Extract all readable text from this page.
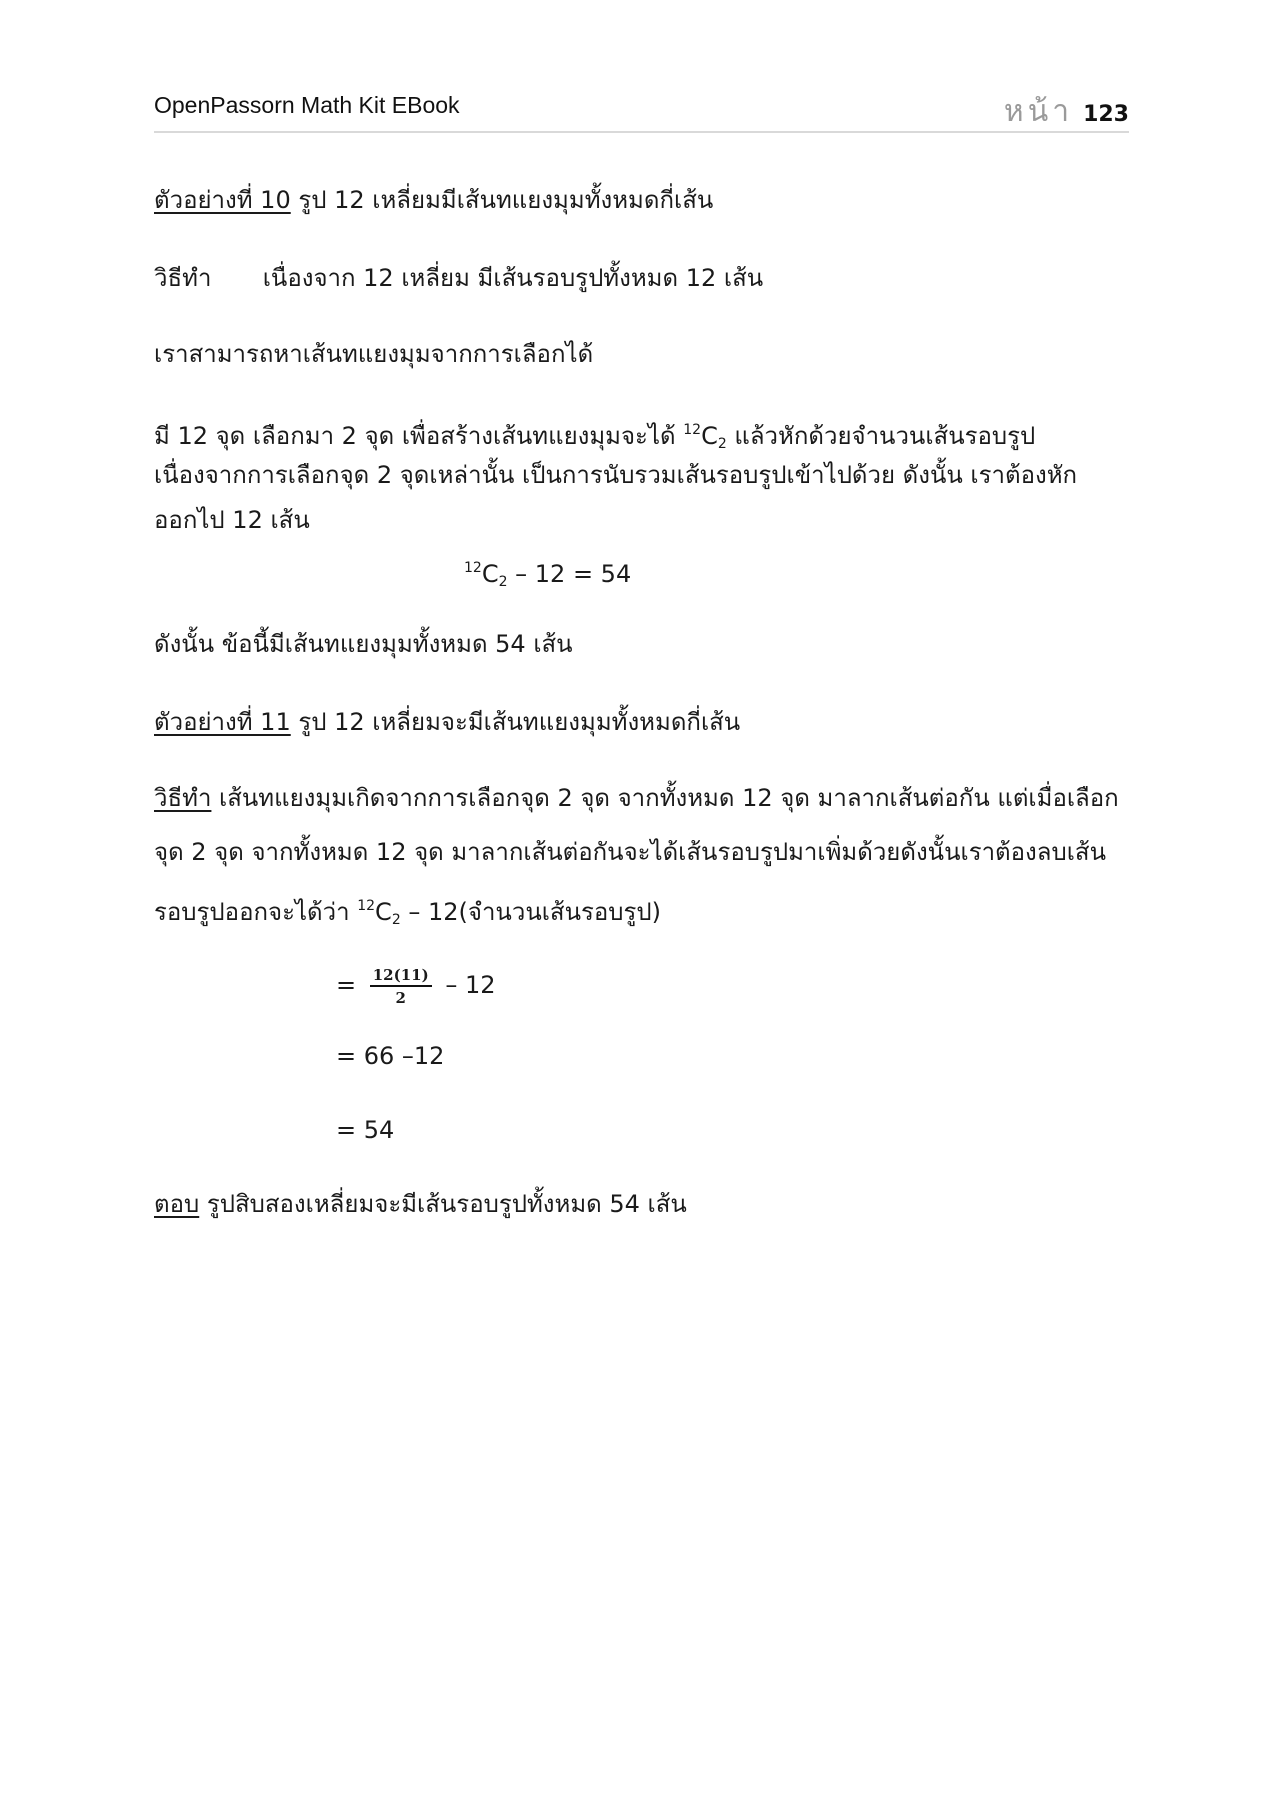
OpenPassorn Math Kit EBook	หน้า 123
ตัวอย่างที่ 10 รูป 12 เหลี่ยมมีเส้นทแยงมุมทั้งหมดกี่เส้น
วิธีทำ เนื่องจาก 12 เหลี่ยม มีเส้นรอบรูปทั้งหมด 12 เส้น
เราสามารถหาเส้นทแยงมุมจากการเลือกได้
มี 12 จุด เลือกมา 2 จุด เพื่อสร้างเส้นทแยงมุมจะได้ $^{12}C_2$ แล้วหักด้วยจำนวนเส้นรอบรูป
เนื่องจากการเลือกจุด 2 จุดเหล่านั้น เป็นการนับรวมเส้นรอบรูปเข้าไปด้วย ดังนั้น เราต้องหัก
ออกไป 12 เส้น
$^{12}C_2 - 12 = 54$
ดังนั้น ข้อนี้มีเส้นทแยงมุมทั้งหมด 54 เส้น
ตัวอย่างที่ 11 รูป 12 เหลี่ยมจะมีเส้นทแยงมุมทั้งหมดกี่เส้น
วิธีทำ เส้นทแยงมุมเกิดจากการเลือกจุด 2 จุด จากทั้งหมด 12 จุด มาลากเส้นต่อกัน แต่เมื่อเลือก
จุด 2 จุด จากทั้งหมด 12 จุด มาลากเส้นต่อกันจะได้เส้นรอบรูปมาเพิ่มด้วยดังนั้นเราต้องลบเส้น
รอบรูปออกจะได้ว่า $^{12}C_2 - 12$(จำนวนเส้นรอบรูป)
= $\frac{12(11)}{2} - 12$
= 66 –12
= 54
ตอบ รูปสิบสองเหลี่ยมจะมีเส้นรอบรูปทั้งหมด 54 เส้น
